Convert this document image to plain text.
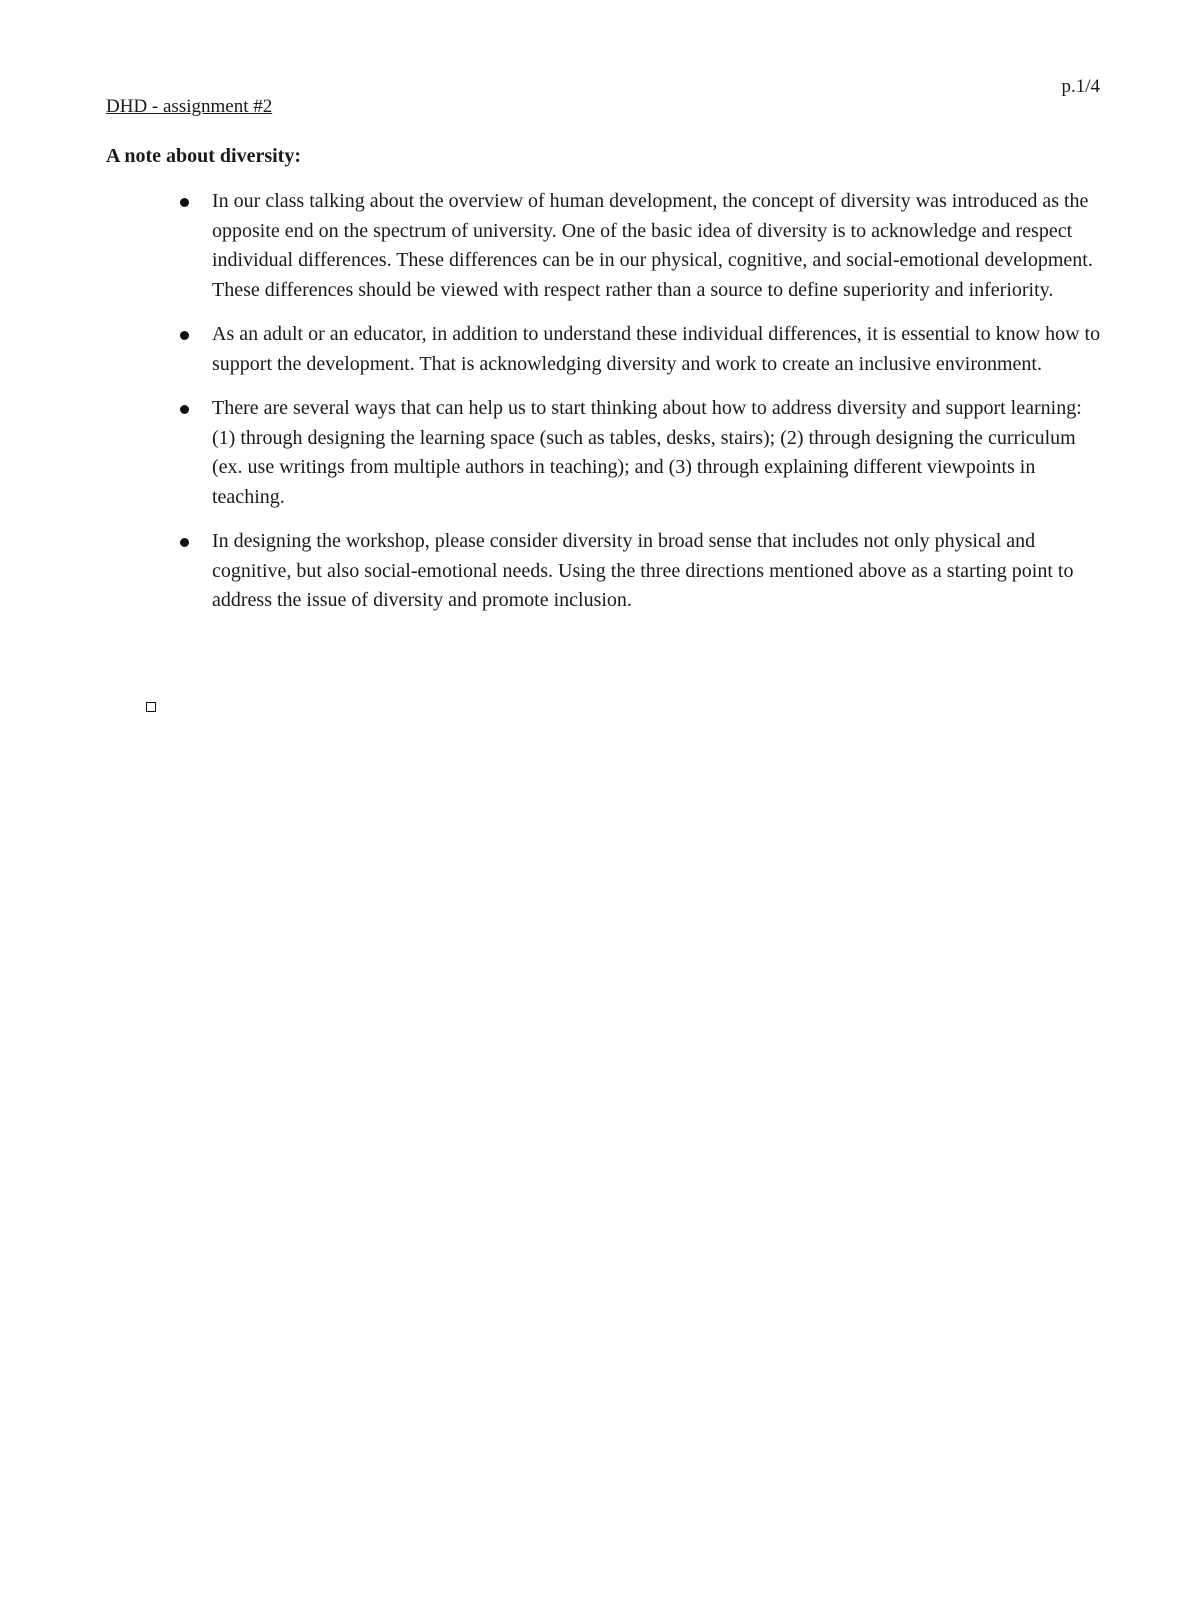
p.1/4
DHD - assignment #2
A note about diversity:
In our class talking about the overview of human development, the concept of diversity was introduced as the opposite end on the spectrum of university. One of the basic idea of diversity is to acknowledge and respect individual differences. These differences can be in our physical, cognitive, and social-emotional development. These differences should be viewed with respect rather than a source to define superiority and inferiority.
As an adult or an educator, in addition to understand these individual differences, it is essential to know how to support the development. That is acknowledging diversity and work to create an inclusive environment.
There are several ways that can help us to start thinking about how to address diversity and support learning: (1) through designing the learning space (such as tables, desks, stairs); (2) through designing the curriculum (ex. use writings from multiple authors in teaching); and (3) through explaining different viewpoints in teaching.
In designing the workshop, please consider diversity in broad sense that includes not only physical and cognitive, but also social-emotional needs. Using the three directions mentioned above as a starting point to address the issue of diversity and promote inclusion.
